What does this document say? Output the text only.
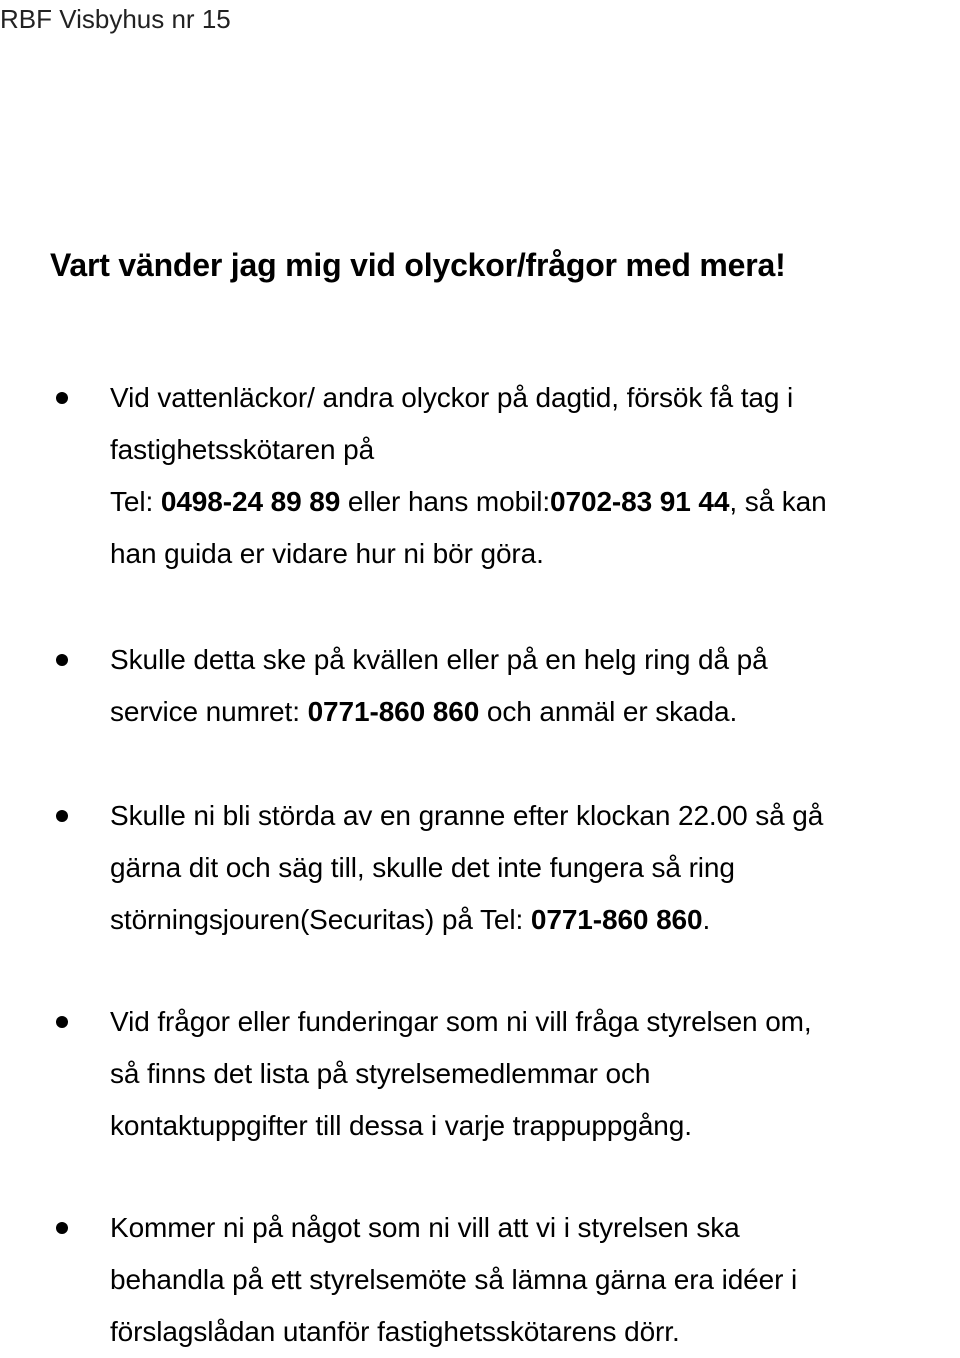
RBF Visbyhus nr 15
Vart vänder jag mig vid olyckor/frågor med mera!
Vid vattenläckor/ andra olyckor på dagtid, försök få tag i
fastighetsskötaren på
Tel: 0498-24 89 89 eller hans mobil:0702-83 91 44, så kan
han guida er vidare hur ni bör göra.
Skulle detta ske på kvällen eller på en helg ring då på
service numret: 0771-860 860 och anmäl er skada.
Skulle ni bli störda av en granne efter klockan 22.00 så gå
gärna dit och säg till, skulle det inte fungera så ring
störningsjouren(Securitas) på Tel: 0771-860 860.
Vid frågor eller funderingar som ni vill fråga styrelsen om,
så finns det lista på styrelsemedlemmar och
kontaktuppgifter till dessa i varje trappuppgång.
Kommer ni på något som ni vill att vi i styrelsen ska
behandla på ett styrelsemöte så lämna gärna era idéer i
förslagslådan utanför fastighetsskötarens dörr.
